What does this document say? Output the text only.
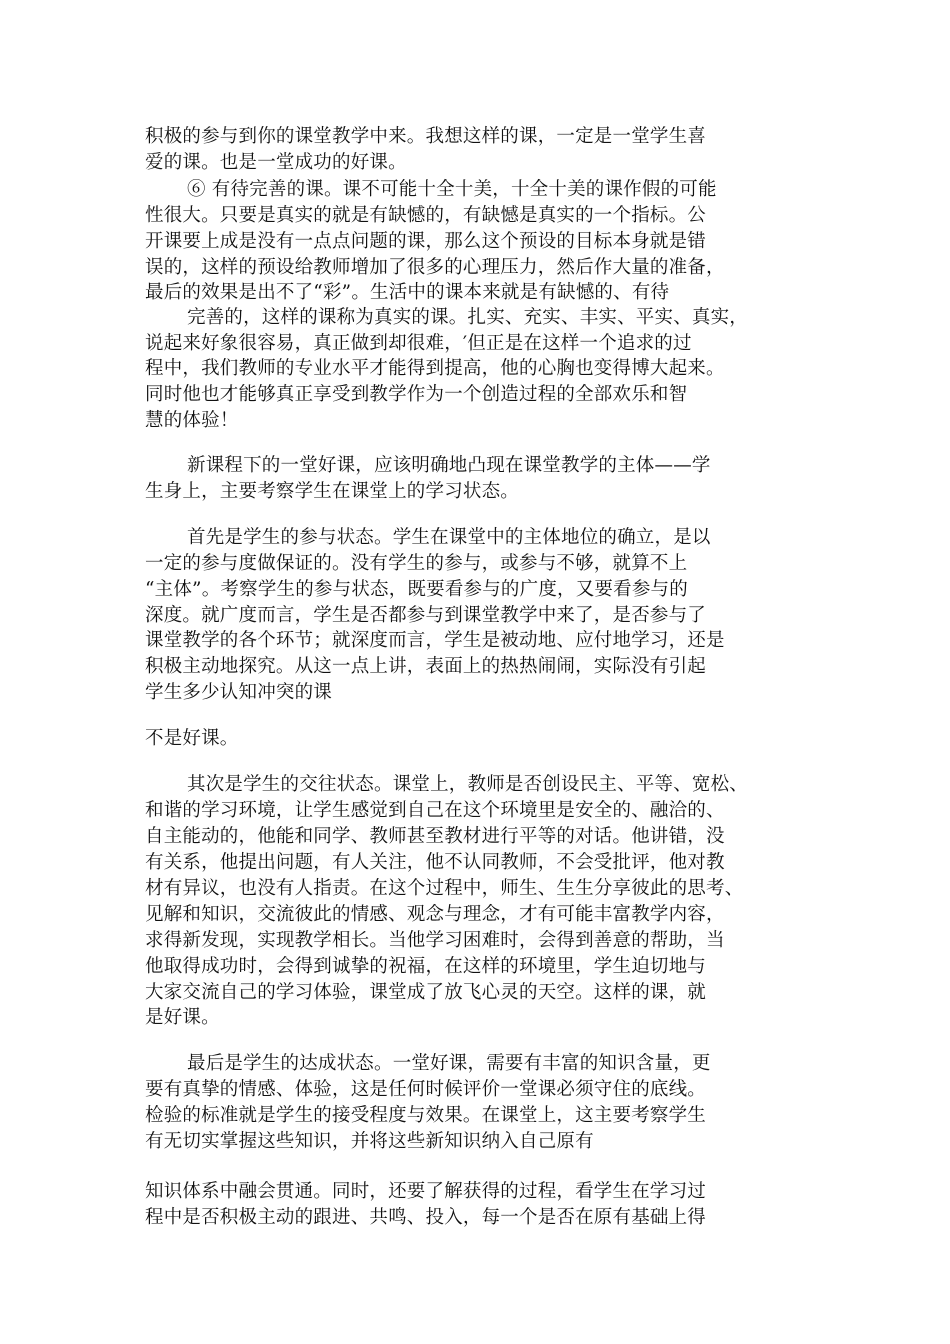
积极的参与到你的课堂教学中来。我想这样的课，一定是一堂学生喜
爱的课。也是一堂成功的好课。
⑥ 有待完善的课。课不可能十全十美，十全十美的课作假的可能
性很大。只要是真实的就是有缺憾的，有缺憾是真实的一个指标。公
开课要上成是没有一点点问题的课，那么这个预设的目标本身就是错
误的，这样的预设给教师增加了很多的心理压力，然后作大量的准备，
最后的效果是出不了“彩”。生活中的课本来就是有缺憾的、有待
完善的，这样的课称为真实的课。扎实、充实、丰实、平实、真实，
说起来好象很容易，真正做到却很难，′但正是在这样一个追求的过
程中，我们教师的专业水平才能得到提高，他的心胸也变得博大起来。
同时他也才能够真正享受到教学作为一个创造过程的全部欢乐和智
慧的体验！
新课程下的一堂好课，应该明确地凸现在课堂教学的主体——学
生身上，主要考察学生在课堂上的学习状态。
首先是学生的参与状态。学生在课堂中的主体地位的确立，是以
一定的参与度做保证的。没有学生的参与，或参与不够，就算不上
“主体”。考察学生的参与状态，既要看参与的广度，又要看参与的
深度。就广度而言，学生是否都参与到课堂教学中来了，是否参与了
课堂教学的各个环节；就深度而言，学生是被动地、应付地学习，还是
积极主动地探究。从这一点上讲，表面上的热热闹闹，实际没有引起
学生多少认知冲突的课
不是好课。
其次是学生的交往状态。课堂上，教师是否创设民主、平等、宽松、
和谐的学习环境，让学生感觉到自己在这个环境里是安全的、融洽的、
自主能动的，他能和同学、教师甚至教材进行平等的对话。他讲错，没
有关系，他提出问题，有人关注，他不认同教师，不会受批评，他对教
材有异议，也没有人指责。在这个过程中，师生、生生分享彼此的思考、
见解和知识，交流彼此的情感、观念与理念，才有可能丰富教学内容，
求得新发现，实现教学相长。当他学习困难时，会得到善意的帮助，当
他取得成功时，会得到诚挚的祝福，在这样的环境里，学生迫切地与
大家交流自己的学习体验，课堂成了放飞心灵的天空。这样的课，就
是好课。
最后是学生的达成状态。一堂好课，需要有丰富的知识含量，更
要有真挚的情感、体验，这是任何时候评价一堂课必须守住的底线。
检验的标准就是学生的接受程度与效果。在课堂上，这主要考察学生
有无切实掌握这些知识，并将这些新知识纳入自己原有
知识体系中融会贯通。同时，还要了解获得的过程，看学生在学习过
程中是否积极主动的跟进、共鸣、投入，每一个是否在原有基础上得
